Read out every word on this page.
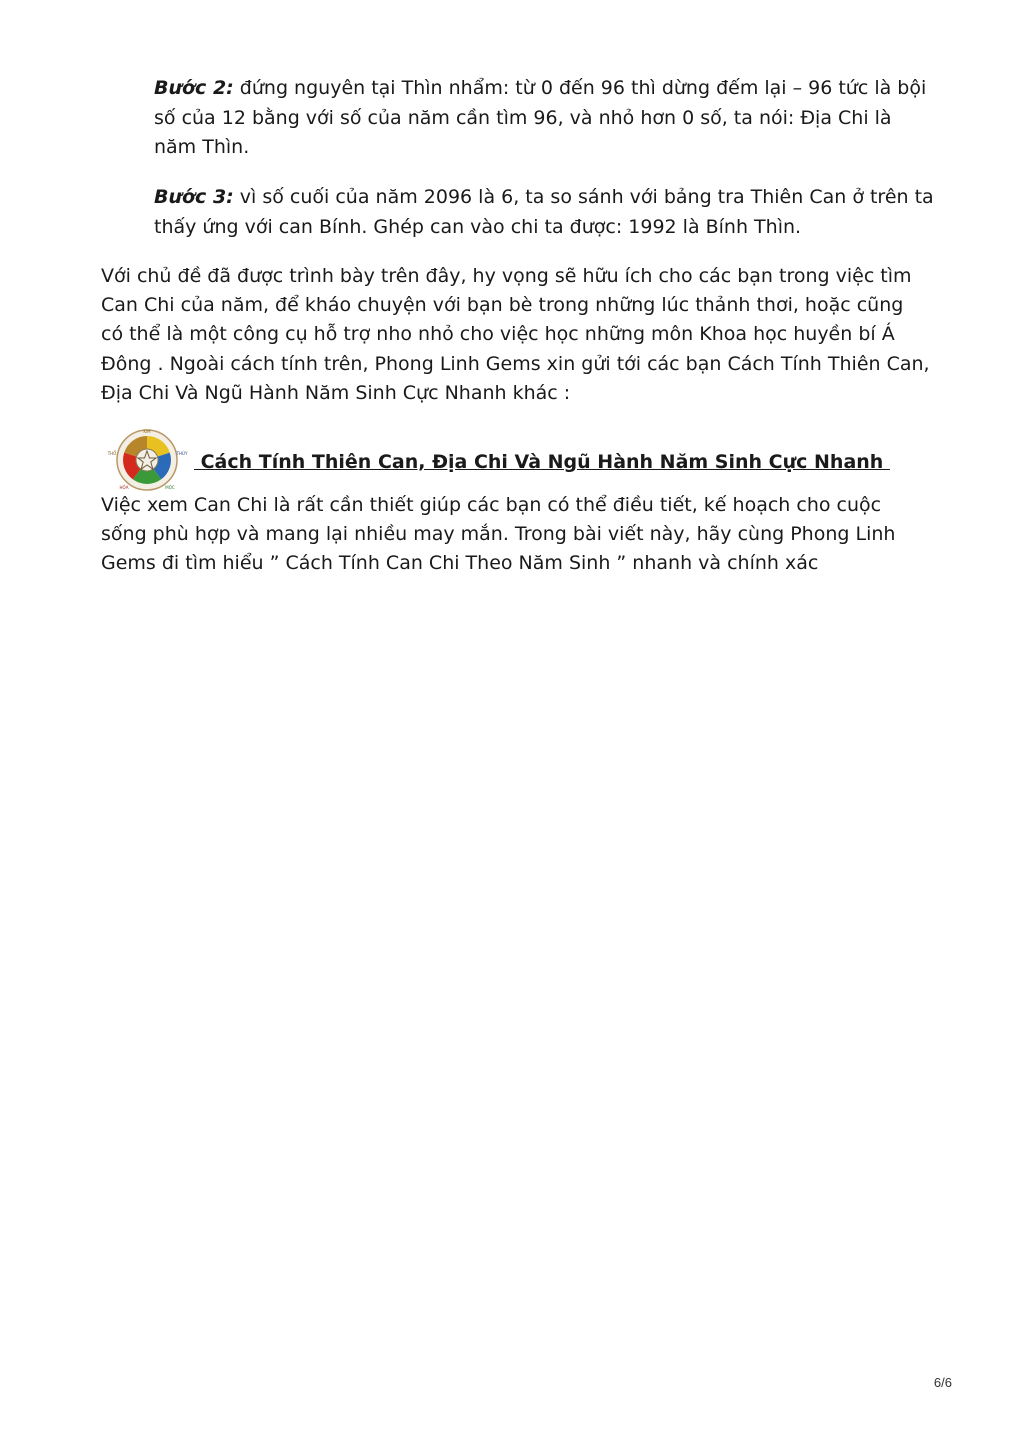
Bước 2: đứng nguyên tại Thìn nhẩm: từ 0 đến 96 thì dừng đếm lại – 96 tức là bội số của 12 bằng với số của năm cần tìm 96, và nhỏ hơn 0 số, ta nói: Địa Chi là năm Thìn.

Bước 3: vì số cuối của năm 2096 là 6, ta so sánh với bảng tra Thiên Can ở trên ta thấy ứng với can Bính. Ghép can vào chi ta được: 1992 là Bính Thìn.

Với chủ đề đã được trình bày trên đây, hy vọng sẽ hữu ích cho các bạn trong việc tìm Can Chi của năm, để kháo chuyện với bạn bè trong những lúc thảnh thơi, hoặc cũng có thể là một công cụ hỗ trợ nho nhỏ cho việc học những môn Khoa học huyền bí Á Đông . Ngoài cách tính trên, Phong Linh Gems xin gửi tới các bạn Cách Tính Thiên Can, Địa Chi Và Ngũ Hành Năm Sinh Cực Nhanh khác :

KIM
THỔ	THỦY
HỎA	MỘC
Cách Tính Thiên Can, Địa Chi Và Ngũ Hành Năm Sinh Cực Nhanh

Việc xem Can Chi là rất cần thiết giúp các bạn có thể điều tiết, kế hoạch cho cuộc sống phù hợp và mang lại nhiều may mắn. Trong bài viết này, hãy cùng Phong Linh Gems đi tìm hiểu ” Cách Tính Can Chi Theo Năm Sinh ” nhanh và chính xác

6/6
